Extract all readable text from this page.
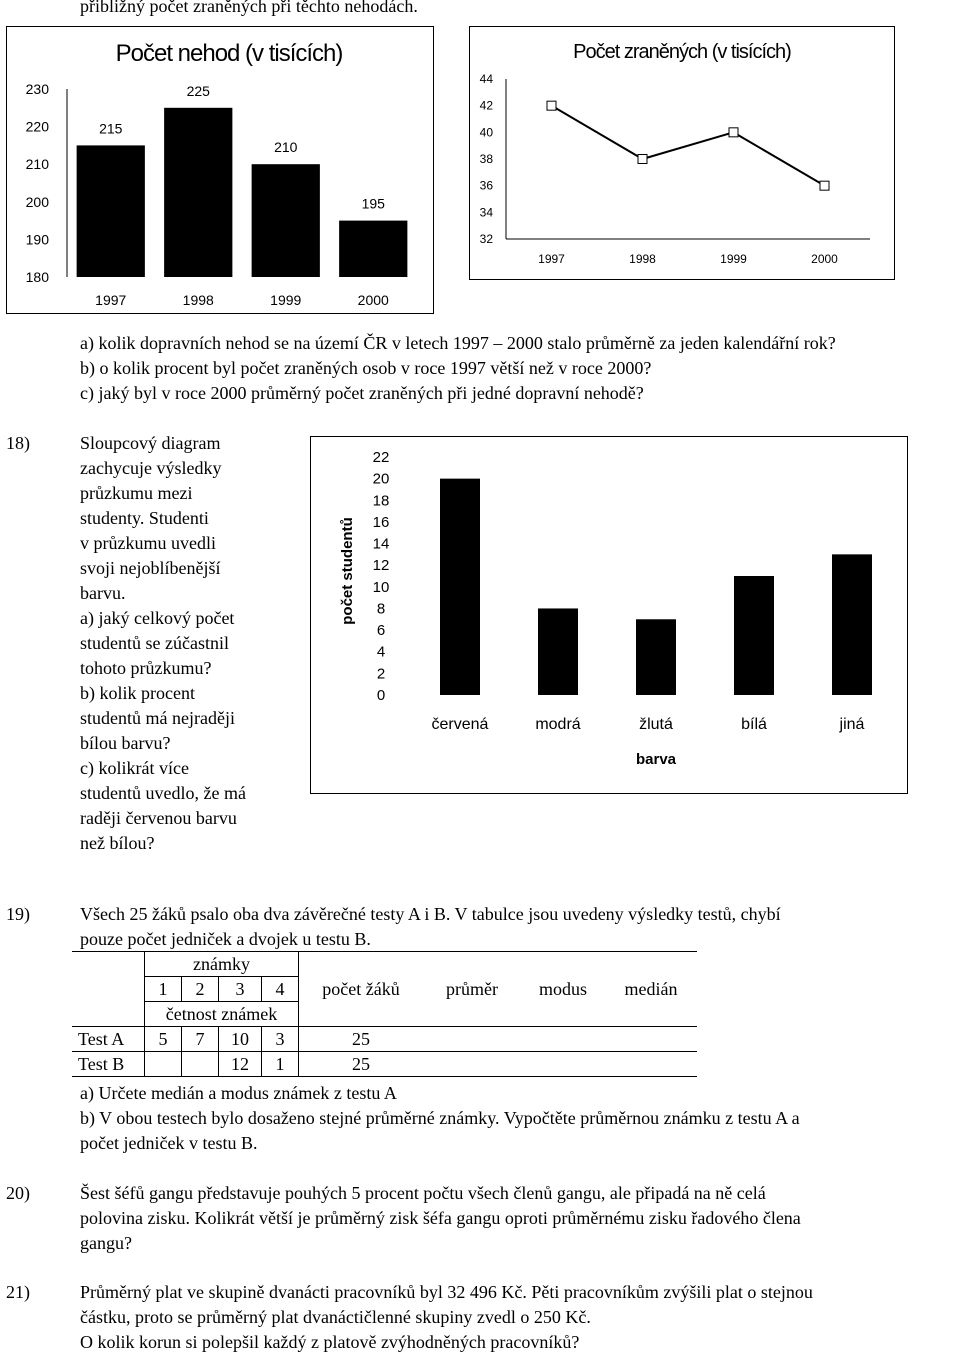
přibližný počet zraněných při těchto nehodách.
Počet nehod (v tisících)
230
220
210
200
190
180
215
1997
225
1998
210
1999
195
2000
Počet zraněných (v tisících)
44
42
40
38
36
34
32
1997	1998	1999	2000
a) kolik dopravních nehod se na území ČR v letech 1997 – 2000 stalo průměrně za jeden kalendářní rok?
b) o kolik procent byl počet zraněných osob v roce 1997 větší než v roce 2000?
c) jaký byl v roce 2000 průměrný počet zraněných při jedné dopravní nehodě?
18)	Sloupcový diagram
zachycuje výsledky
průzkumu mezi
studenty. Studenti
v průzkumu uvedli
svoji nejoblíbenější
barvu.
a) jaký celkový počet
studentů se zúčastnil
tohoto průzkumu?
b) kolik procent
studentů má nejraději
bílou barvu?
c) kolikrát více
studentů uvedlo, že má
raději červenou barvu
než bílou?
22
20
18
16
14
12
10
8
6
4
2
0
počet studentů
červená	modrá	žlutá	bílá	jiná
barva
19)	Všech 25 žáků psalo oba dva závěrečné testy A i B. V tabulce jsou uvedeny výsledky testů, chybí
pouze počet jedniček a dvojek u testu B.
	známky							
	1	2	3	4	počet žáků	průměr	modus	medián
	četnost známek							
Test A	5	7	10	3	25			
Test B			12	1	25			
a) Určete medián a modus známek z testu A
b) V obou testech bylo dosaženo stejné průměrné známky. Vypočtěte průměrnou známku z testu A a
počet jedniček v testu B.
20)	Šest šéfů gangu představuje pouhých 5 procent počtu všech členů gangu, ale připadá na ně celá
polovina zisku. Kolikrát větší je průměrný zisk šéfa gangu oproti průměrnému zisku řadového člena
gangu?
21)	Průměrný plat ve skupině dvanácti pracovníků byl 32 496 Kč. Pěti pracovníkům zvýšili plat o stejnou
částku, proto se průměrný plat dvanáctičlenné skupiny zvedl o 250 Kč.
O kolik korun si polepšil každý z platově zvýhodněných pracovníků?
